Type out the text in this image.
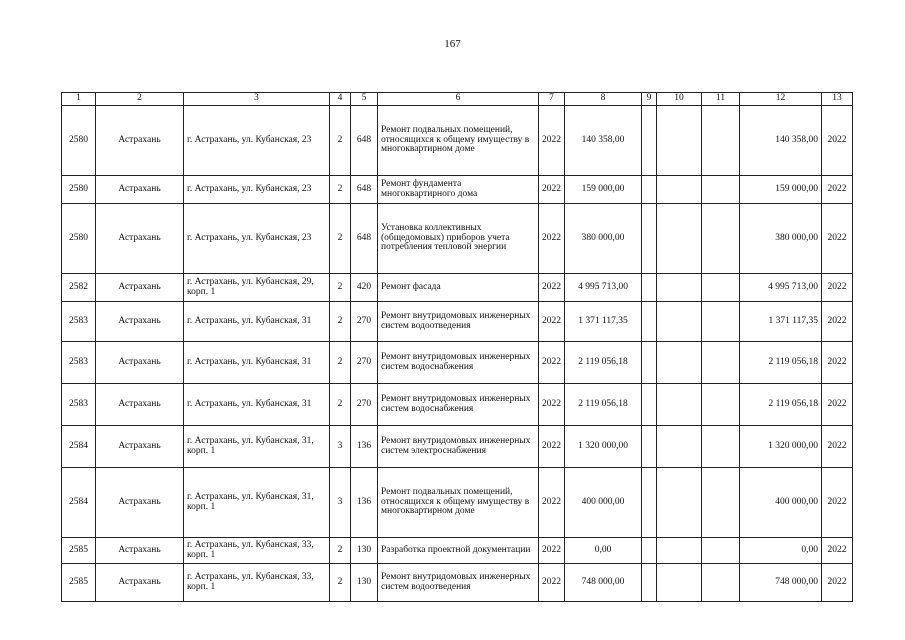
167
1	2	3	4	5	6	7	8	9	10	11	12	13
2580	Астрахань	г. Астрахань, ул. Кубанская, 23	2	648	Ремонт подвальных помещений, относящихся к общему имуществу в многоквартирном доме	2022	140 358,00				140 358,00	2022
2580	Астрахань	г. Астрахань, ул. Кубанская, 23	2	648	Ремонт фундамента многоквартирного дома	2022	159 000,00				159 000,00	2022
2580	Астрахань	г. Астрахань, ул. Кубанская, 23	2	648	Установка коллективных (общедомовых) приборов учета потребления тепловой энергии	2022	380 000,00				380 000,00	2022
2582	Астрахань	г. Астрахань, ул. Кубанская, 29, корп. 1	2	420	Ремонт фасада	2022	4 995 713,00				4 995 713,00	2022
2583	Астрахань	г. Астрахань, ул. Кубанская, 31	2	270	Ремонт внутридомовых инженерных систем водоотведения	2022	1 371 117,35				1 371 117,35	2022
2583	Астрахань	г. Астрахань, ул. Кубанская, 31	2	270	Ремонт внутридомовых инженерных систем водоснабжения	2022	2 119 056,18				2 119 056,18	2022
2583	Астрахань	г. Астрахань, ул. Кубанская, 31	2	270	Ремонт внутридомовых инженерных систем водоснабжения	2022	2 119 056,18				2 119 056,18	2022
2584	Астрахань	г. Астрахань, ул. Кубанская, 31, корп. 1	3	136	Ремонт внутридомовых инженерных систем электроснабжения	2022	1 320 000,00				1 320 000,00	2022
2584	Астрахань	г. Астрахань, ул. Кубанская, 31, корп. 1	3	136	Ремонт подвальных помещений, относящихся к общему имуществу в многоквартирном доме	2022	400 000,00				400 000,00	2022
2585	Астрахань	г. Астрахань, ул. Кубанская, 33, корп. 1	2	130	Разработка проектной документации	2022	0,00				0,00	2022
2585	Астрахань	г. Астрахань, ул. Кубанская, 33, корп. 1	2	130	Ремонт внутридомовых инженерных систем водоотведения	2022	748 000,00				748 000,00	2022
